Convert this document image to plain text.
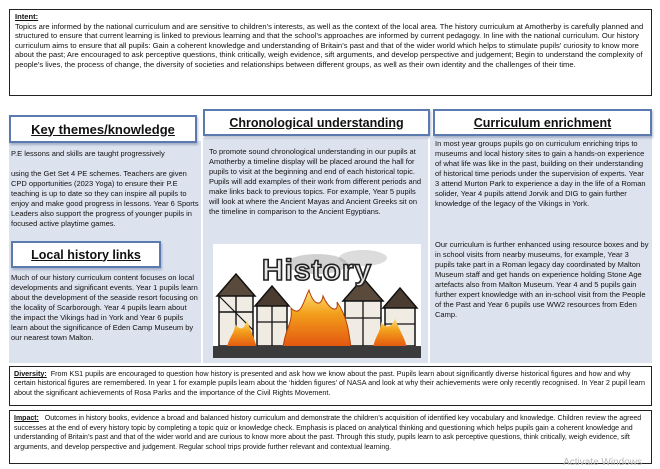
Intent:
Topics are informed by the national curriculum and are sensitive to children’s interests, as well as the context of the local area. The history curriculum at Amotherby is carefully planned and structured to ensure that current learning is linked to previous learning and that the school’s approaches are informed by current pedagogy. In line with the national curriculum. Our history curriculum aims to ensure that all pupils: Gain a coherent knowledge and understanding of Britain’s past and that of the wider world which helps to stimulate pupils’ curiosity to know more about the past; Are encouraged to ask perceptive questions, think critically, weigh evidence, sift arguments, and develop perspective and judgement; Begin to understand the complexity of people’s lives, the process of change, the diversity of societies and relationships between different groups, as well as their own identity and the challenges of their time.
P.E lessons and skills are taught progressively
using the Get Set 4 PE schemes. Teachers are given CPD opportunities (2023 Yoga) to ensure their P.E teaching is up to date so they can inspire all pupils to enjoy and make good progress in lessons. Year 6 Sports Leaders also support the progress of younger pupils in focused active playtime games.
Much of our history curriculum content focuses on local developments and significant events. Year 1 pupils learn about the development of the seaside resort focusing on the locality of Scarborough. Year 4 pupils learn about the impact the Vikings had in York and Year 6 pupils learn about the significance of Eden Camp Museum by our nearest town Malton.
Key themes/knowledge
Local history links
To promote sound chronological understanding in our pupils at Amotherby a timeline display will be placed around the hall for pupils to visit at the beginning and end of each historical topic. Pupils will add examples of their work from different periods and make links back to previous topics. For example, Year 5 pupils will look at where the Ancient Mayas and Ancient Greeks sit on the timeline in comparison to the Ancient Egyptians.
Chronological understanding
History
In most year groups pupils go on curriculum enriching trips to museums and local history sites to gain a hands-on experience of what life was like in the past, building on their understanding of historical time periods under the supervision of experts. Year 3 attend Murton Park to experience a day in the life of a Roman solider, Year 4 pupils attend Jorvik and DIG to gain further knowledge of the legacy of the Vikings in York.
Our curriculum is further enhanced using resource boxes and by in school visits from nearby museums, for example, Year 3 pupils take part in a Roman legacy day coordinated by Malton Museum staff and get hands on experience holding Stone Age artefacts also from Malton Museum. Year 4 and 5 pupils gain further expert knowledge with an in-school visit from the People of the Past and Year 6 pupils use WW2 resources from Eden Camp.
Curriculum enrichment
Diversity: From KS1 pupils are encouraged to question how history is presented and ask how we know about the past. Pupils learn about significantly diverse historical figures and how and why certain historical figures are remembered. In year 1 for example pupils learn about the ‘hidden figures’ of NASA and look at why their achievements were only recently recognised. In Year 2 pupil learn about the significant achievements of Rosa Parks and the importance of the Civil Rights Movement.
Impact: Outcomes in history books, evidence a broad and balanced history curriculum and demonstrate the children’s acquisition of identified key vocabulary and knowledge. Children review the agreed successes at the end of every history topic by completing a topic quiz or knowledge check. Emphasis is placed on analytical thinking and questioning which helps pupils gain a coherent knowledge and understanding of Britain’s past and that of the wider world and are curious to know more about the past. Through this study, pupils learn to ask perceptive questions, think critically, weigh evidence, sift arguments, and develop perspective and judgement. Regular school trips provide further relevant and contextual learning.
Activate Windows
